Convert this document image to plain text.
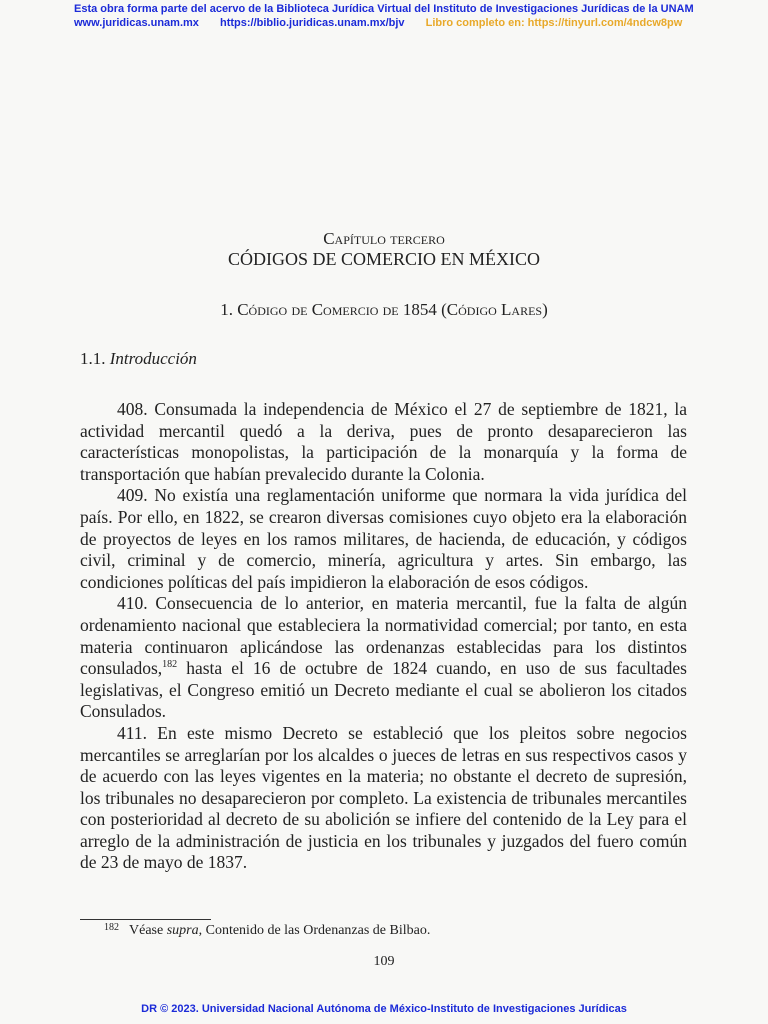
Esta obra forma parte del acervo de la Biblioteca Jurídica Virtual del Instituto de Investigaciones Jurídicas de la UNAM
www.juridicas.unam.mx https://biblio.juridicas.unam.mx/bjv Libro completo en: https://tinyurl.com/4ndcw8pw
Capítulo tercero
CÓDIGOS DE COMERCIO EN MÉXICO
1. Código de Comercio de 1854 (Código Lares)
1.1. Introducción

408. Consumada la independencia de México el 27 de septiembre de 1821, la actividad mercantil quedó a la deriva, pues de pronto desaparecieron las características monopolistas, la participación de la monarquía y la forma de transportación que habían prevalecido durante la Colonia.

409. No existía una reglamentación uniforme que normara la vida jurídica del país. Por ello, en 1822, se crearon diversas comisiones cuyo objeto era la elaboración de proyectos de leyes en los ramos militares, de hacienda, de educación, y códigos civil, criminal y de comercio, minería, agricultura y artes. Sin embargo, las condiciones políticas del país impidieron la elaboración de esos códigos.

410. Consecuencia de lo anterior, en materia mercantil, fue la falta de algún ordenamiento nacional que estableciera la normatividad comercial; por tanto, en esta materia continuaron aplicándose las ordenanzas establecidas para los distintos consulados,$^{182}$ hasta el 16 de octubre de 1824 cuando, en uso de sus facultades legislativas, el Congreso emitió un Decreto mediante el cual se abolieron los citados Consulados.

411. En este mismo Decreto se estableció que los pleitos sobre negocios mercantiles se arreglarían por los alcaldes o jueces de letras en sus respectivos casos y de acuerdo con las leyes vigentes en la materia; no obstante el decreto de supresión, los tribunales no desaparecieron por completo. La existencia de tribunales mercantiles con posterioridad al decreto de su abolición se infiere del contenido de la Ley para el arreglo de la administración de justicia en los tribunales y juzgados del fuero común de 23 de mayo de 1837.

$^{182}$ Véase supra, Contenido de las Ordenanzas de Bilbao.
109
DR © 2023. Universidad Nacional Autónoma de México-Instituto de Investigaciones Jurídicas
